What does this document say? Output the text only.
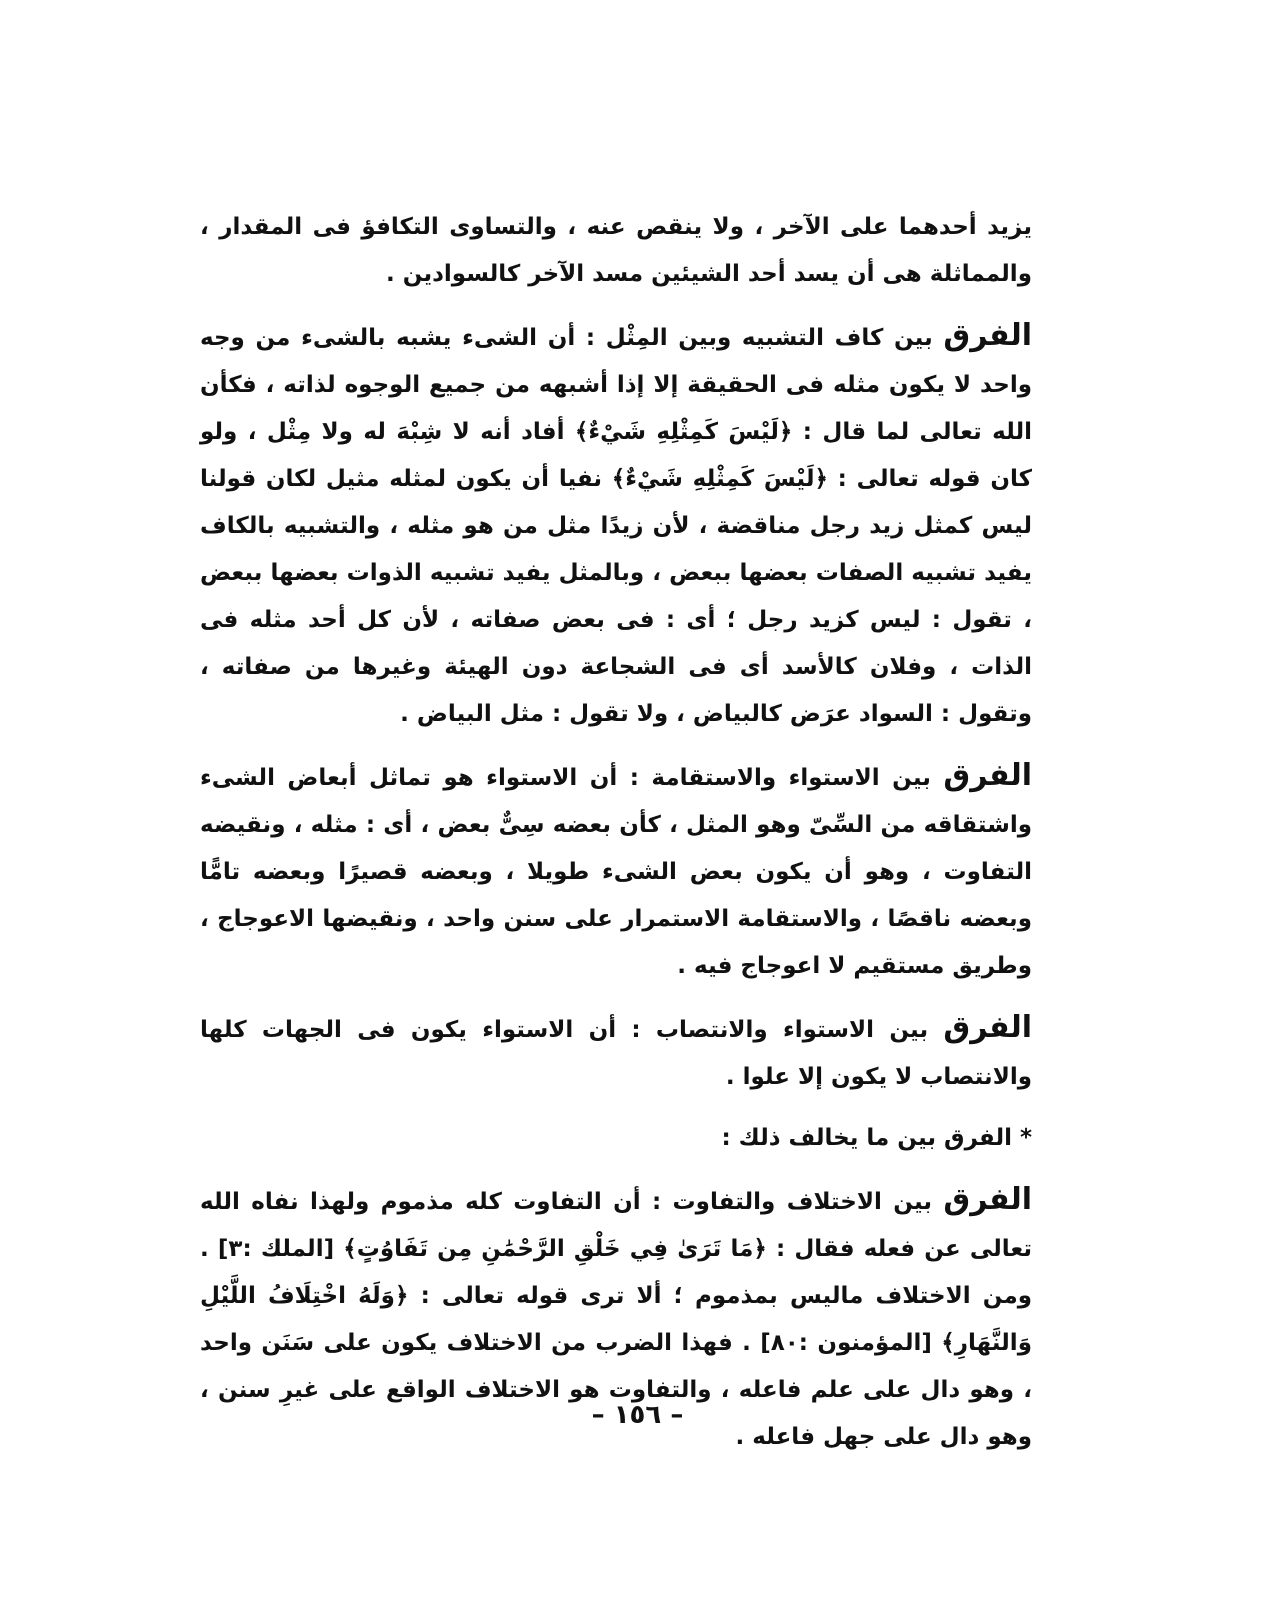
يزيد أحدهما على الآخر ، ولا ينقص عنه ، والتساوى التكافؤ فى المقدار ، والمماثلة هى أن يسد أحد الشيئين مسد الآخر كالسوادين .

الفرق بين كاف التشبيه وبين المِثْل : أن الشىء يشبه بالشىء من وجه واحد لا يكون مثله فى الحقيقة إلا إذا أشبهه من جميع الوجوه لذاته ، فكأن الله تعالى لما قال : ﴿لَيْسَ كَمِثْلِهِ شَيْءٌ﴾ أفاد أنه لا شِبْهَ له ولا مِثْل ، ولو كان قوله تعالى : ﴿لَيْسَ كَمِثْلِهِ شَيْءٌ﴾ نفيا أن يكون لمثله مثيل لكان قولنا ليس كمثل زيد رجل مناقضة ، لأن زيدًا مثل من هو مثله ، والتشبيه بالكاف يفيد تشبيه الصفات بعضها ببعض ، وبالمثل يفيد تشبيه الذوات بعضها ببعض ، تقول : ليس كزيد رجل ؛ أى : فى بعض صفاته ، لأن كل أحد مثله فى الذات ، وفلان كالأسد أى فى الشجاعة دون الهيئة وغيرها من صفاته ، وتقول : السواد عرَض كالبياض ، ولا تقول : مثل البياض .

الفرق بين الاستواء والاستقامة : أن الاستواء هو تماثل أبعاض الشىء واشتقاقه من السِّىّ وهو المثل ، كأن بعضه سِىٌّ بعض ، أى : مثله ، ونقيضه التفاوت ، وهو أن يكون بعض الشىء طويلا ، وبعضه قصيرًا وبعضه تامًّا وبعضه ناقصًا ، والاستقامة الاستمرار على سنن واحد ، ونقيضها الاعوجاج ، وطريق مستقيم لا اعوجاج فيه .

الفرق بين الاستواء والانتصاب : أن الاستواء يكون فى الجهات كلها والانتصاب لا يكون إلا علوا .

* الفرق بين ما يخالف ذلك :

الفرق بين الاختلاف والتفاوت : أن التفاوت كله مذموم ولهذا نفاه الله تعالى عن فعله فقال : ﴿مَا تَرَىٰ فِي خَلْقِ الرَّحْمَٰنِ مِن تَفَاوُتٍ﴾ [الملك :٣] . ومن الاختلاف ماليس بمذموم ؛ ألا ترى قوله تعالى : ﴿وَلَهُ اخْتِلَافُ اللَّيْلِ وَالنَّهَارِ﴾ [المؤمنون :٨٠] . فهذا الضرب من الاختلاف يكون على سَنَن واحد ، وهو دال على علم فاعله ، والتفاوت هو الاختلاف الواقع على غيرِ سنن ، وهو دال على جهل فاعله .

– ١٥٦ –
